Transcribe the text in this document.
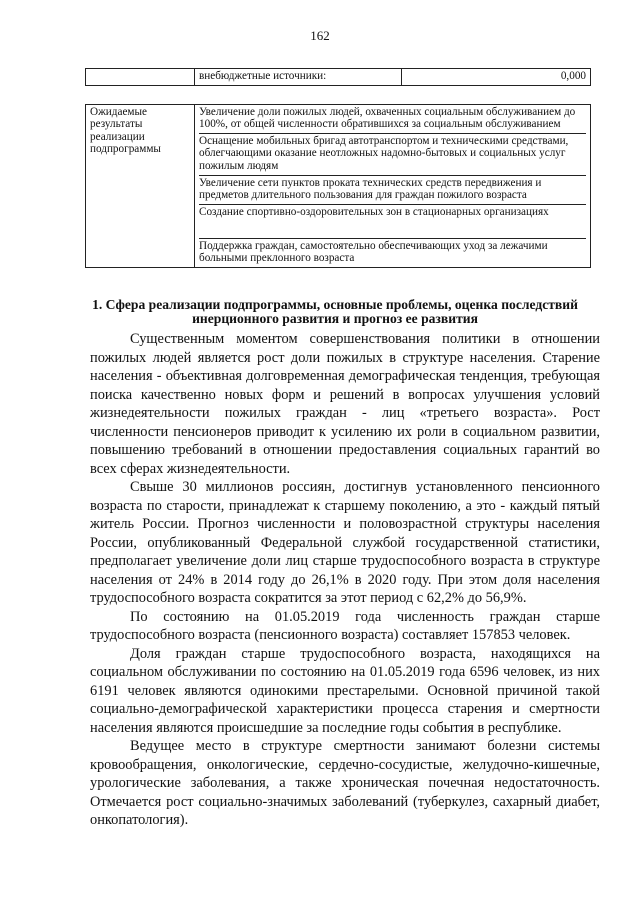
162
	внебюджетные источники:	0,000

Ожидаемые результаты реализации подпрограммы	Увеличение доли пожилых людей, охваченных социальным обслуживанием до 100%, от общей численности обратившихся за социальным обслуживанием
Оснащение мобильных бригад автотранспортом и техническими средствами, облегчающими оказание неотложных надомно-бытовых и социальных услуг пожилым людям
Увеличение сети пунктов проката технических средств передвижения и предметов длительного пользования для граждан пожилого возраста
Создание спортивно-оздоровительных зон в стационарных организациях
Поддержка граждан, самостоятельно обеспечивающих уход за лежачими больными преклонного возраста	
1. Сфера реализации подпрограммы, основные проблемы, оценка последствий инерционного развития и прогноз ее развития

Существенным моментом совершенствования политики в отношении пожилых людей является рост доли пожилых в структуре населения. Старение населения - объективная долговременная демографическая тенденция, требующая поиска качественно новых форм и решений в вопросах улучшения условий жизнедеятельности пожилых граждан - лиц «третьего возраста». Рост численности пенсионеров приводит к усилению их роли в социальном развитии, повышению требований в отношении предоставления социальных гарантий во всех сферах жизнедеятельности.

Свыше 30 миллионов россиян, достигнув установленного пенсионного возраста по старости, принадлежат к старшему поколению, а это - каждый пятый житель России. Прогноз численности и половозрастной структуры населения России, опубликованный Федеральной службой государственной статистики, предполагает увеличение доли лиц старше трудоспособного возраста в структуре населения от 24% в 2014 году до 26,1% в 2020 году. При этом доля населения трудоспособного возраста сократится за этот период с 62,2% до 56,9%.

По состоянию на 01.05.2019 года численность граждан старше трудоспособного возраста (пенсионного возраста) составляет 157853 человек.

Доля граждан старше трудоспособного возраста, находящихся на социальном обслуживании по состоянию на 01.05.2019 года 6596 человек, из них 6191 человек являются одинокими престарелыми. Основной причиной такой социально-демографической характеристики процесса старения и смертности населения являются происшедшие за последние годы события в республике.

Ведущее место в структуре смертности занимают болезни системы кровообращения, онкологические, сердечно-сосудистые, желудочно-кишечные, урологические заболевания, а также хроническая почечная недостаточность. Отмечается рост социально-значимых заболеваний (туберкулез, сахарный диабет, онкопатология).
